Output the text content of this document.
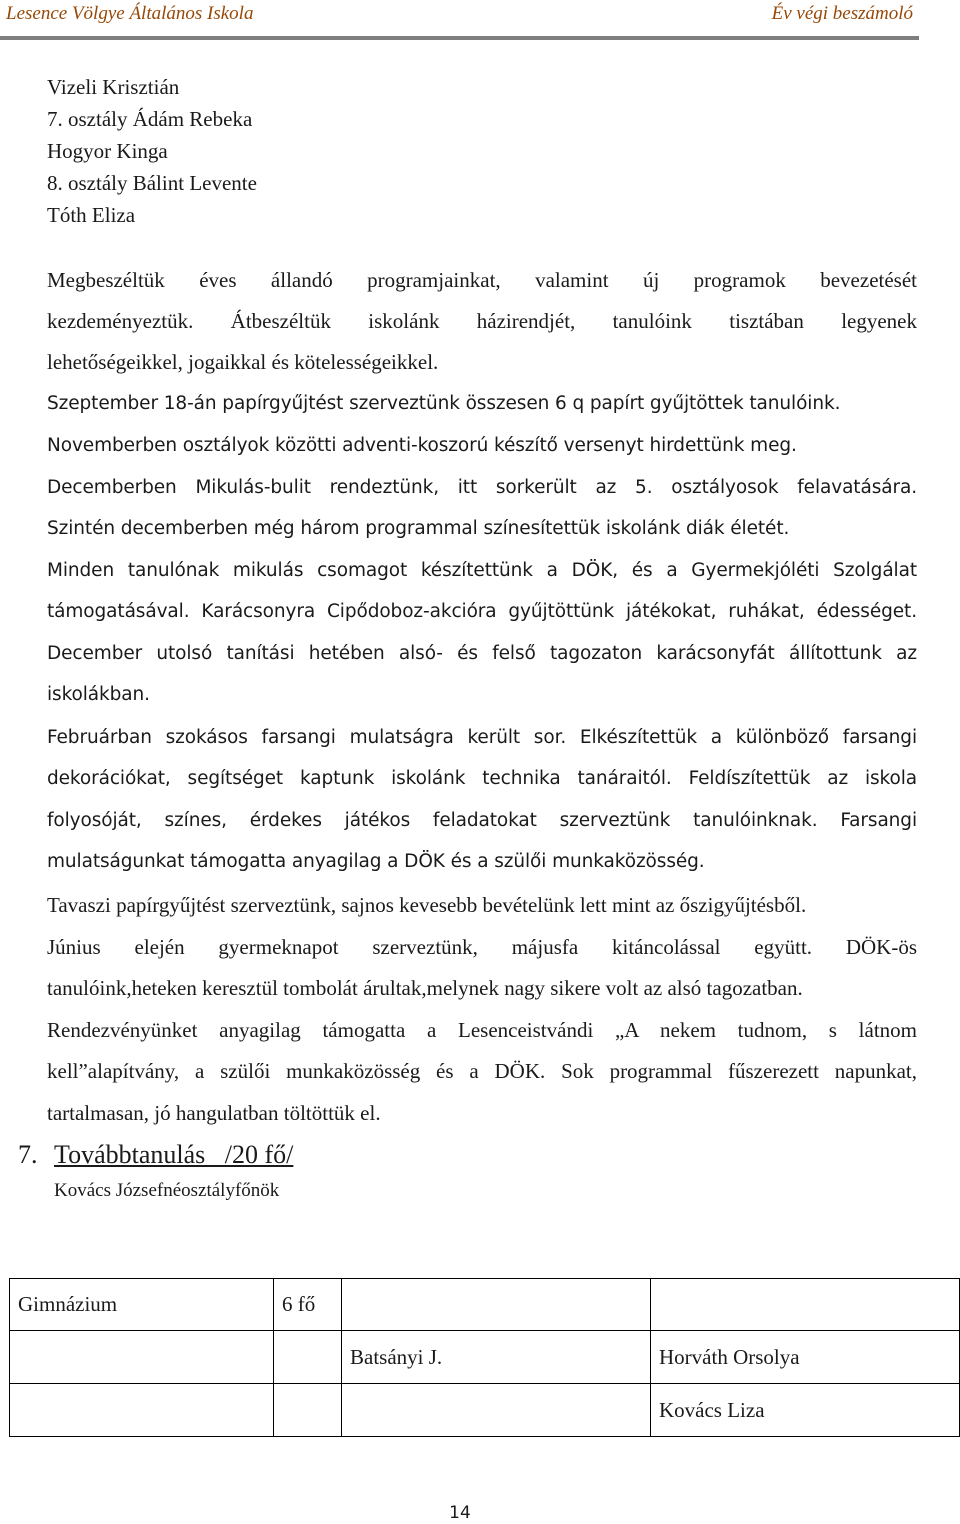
Lesence Völgye Általános Iskola	Év végi beszámoló
Vizeli Krisztián
7. osztály Ádám Rebeka
Hogyor Kinga
8. osztály Bálint Levente
Tóth Eliza
Megbeszéltük éves állandó programjainkat, valamint új programok bevezetését
kezdeményeztük. Átbeszéltük iskolánk házirendjét, tanulóink tisztában legyenek
lehetőségeikkel, jogaikkal és kötelességeikkel.
Szeptember 18-án papírgyűjtést szerveztünk összesen 6 q papírt gyűjtöttek tanulóink.
Novemberben osztályok közötti adventi-koszorú készítő versenyt hirdettünk meg.
Decemberben Mikulás-bulit rendeztünk, itt sorkerült az 5. osztályosok felavatására.
Szintén decemberben még három programmal színesítettük iskolánk diák életét.
Minden tanulónak mikulás csomagot készítettünk a DÖK, és a Gyermekjóléti Szolgálat
támogatásával. Karácsonyra Cipődoboz-akcióra gyűjtöttünk játékokat, ruhákat, édességet.
December utolsó tanítási hetében alsó- és felső tagozaton karácsonyfát állítottunk az
iskolákban.
Februárban szokásos farsangi mulatságra került sor. Elkészítettük a különböző farsangi
dekorációkat, segítséget kaptunk iskolánk technika tanáraitól. Feldíszítettük az iskola
folyosóját, színes, érdekes játékos feladatokat szerveztünk tanulóinknak. Farsangi
mulatságunkat támogatta anyagilag a DÖK és a szülői munkaközösség.
Tavaszi papírgyűjtést szerveztünk, sajnos kevesebb bevételünk lett mint az őszigyűjtésből.
Június elején gyermeknapot szerveztünk, májusfa kitáncolással együtt. DÖK-ös
tanulóink,heteken keresztül tombolát árultak,melynek nagy sikere volt az alsó tagozatban.
Rendezvényünket anyagilag támogatta a Lesenceistvándi „A nekem tudnom, s látnom
kell”alapítvány, a szülői munkaközösség és a DÖK. Sok programmal fűszerezett napunkat,
tartalmasan, jó hangulatban töltöttük el.
7. Továbbtanulás   /20 fő/
Kovács Józsefnéosztályfőnök
Gimnázium	6 fő		
		Batsányi J.	Horváth Orsolya
			Kovács Liza
14
